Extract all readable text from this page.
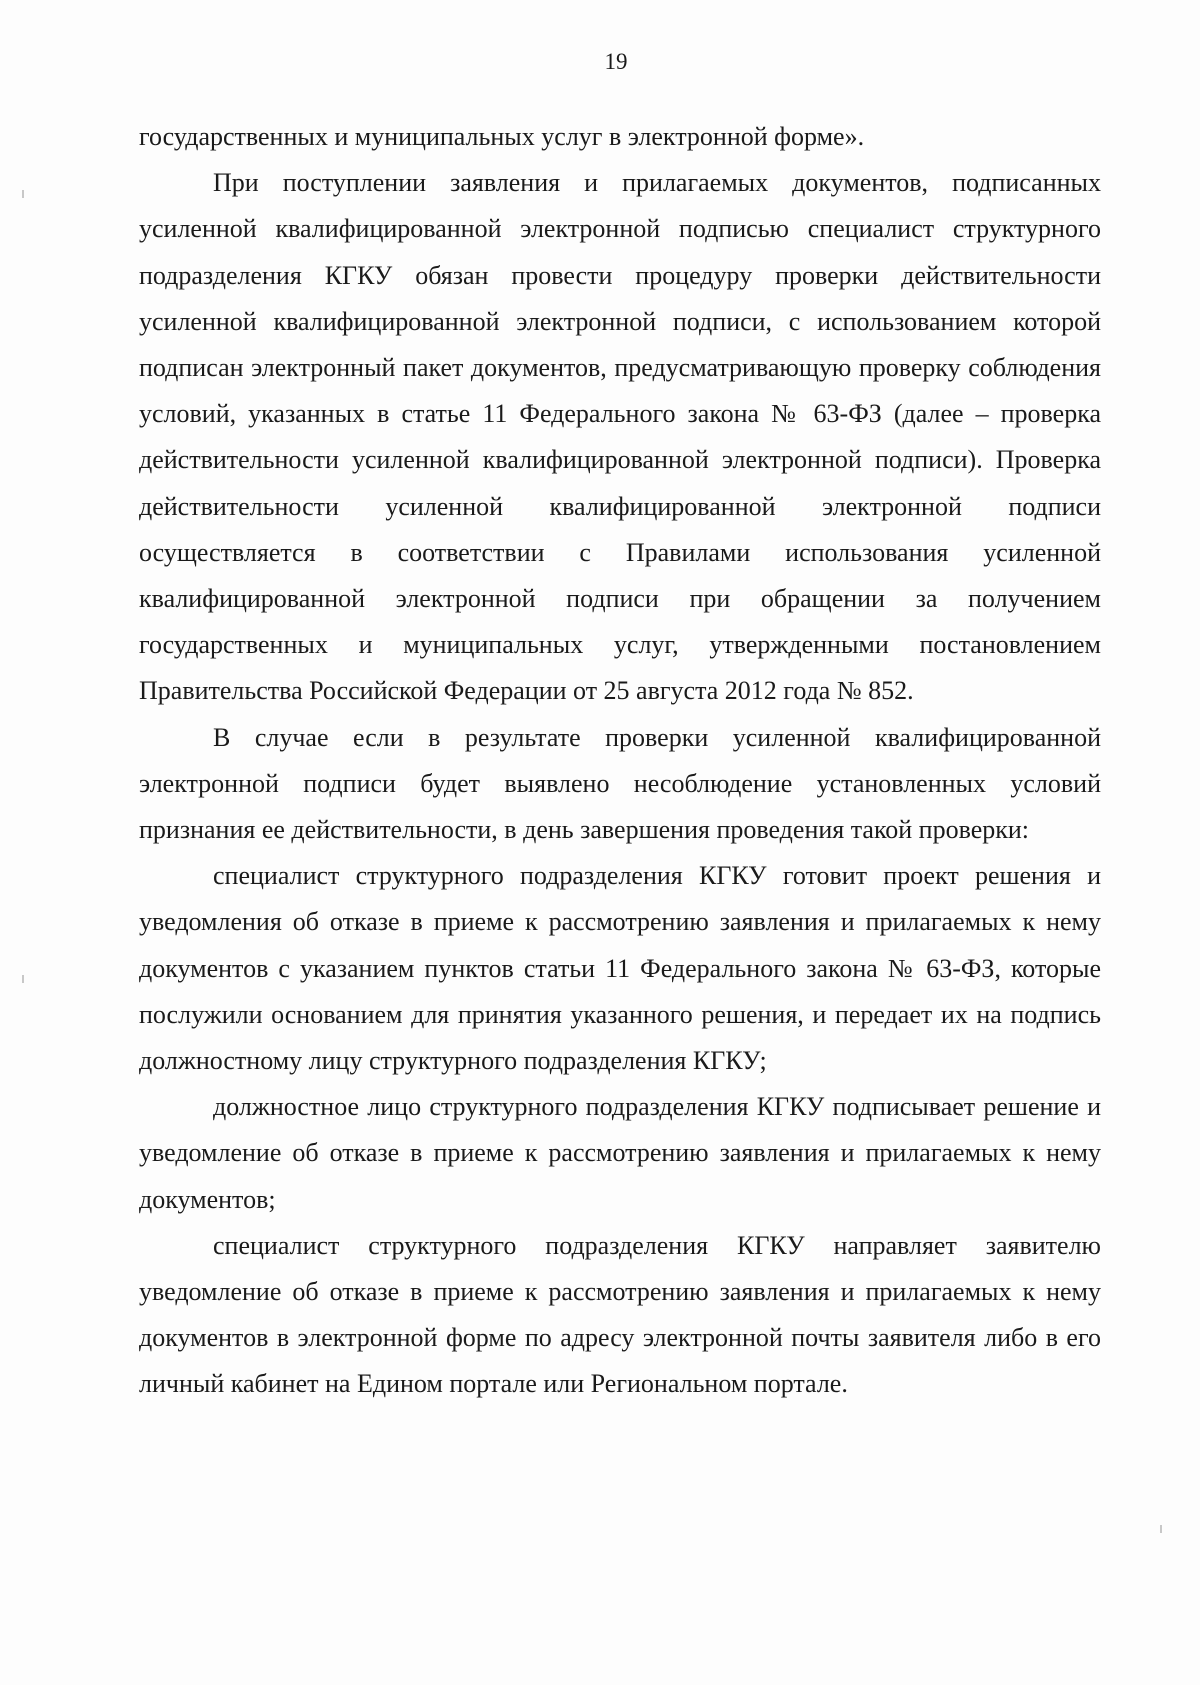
19

государственных и муниципальных услуг в электронной форме».

При поступлении заявления и прилагаемых документов, подписанных усиленной квалифицированной электронной подписью специалист структурного подразделения КГКУ обязан провести процедуру проверки действительности усиленной квалифицированной электронной подписи, с использованием которой подписан электронный пакет документов, предусматривающую проверку соблюдения условий, указанных в статье 11 Федерального закона № 63-ФЗ (далее – проверка действительности усиленной квалифицированной электронной подписи). Проверка действительности усиленной квалифицированной электронной подписи осуществляется в соответствии с Правилами использования усиленной квалифицированной электронной подписи при обращении за получением государственных и муниципальных услуг, утвержденными постановлением Правительства Российской Федерации от 25 августа 2012 года № 852.

В случае если в результате проверки усиленной квалифицированной электронной подписи будет выявлено несоблюдение установленных условий признания ее действительности, в день завершения проведения такой проверки:

специалист структурного подразделения КГКУ готовит проект решения и уведомления об отказе в приеме к рассмотрению заявления и прилагаемых к нему документов с указанием пунктов статьи 11 Федерального закона № 63-ФЗ, которые послужили основанием для принятия указанного решения, и передает их на подпись должностному лицу структурного подразделения КГКУ;

должностное лицо структурного подразделения КГКУ подписывает решение и уведомление об отказе в приеме к рассмотрению заявления и прилагаемых к нему документов;

специалист структурного подразделения КГКУ направляет заявителю уведомление об отказе в приеме к рассмотрению заявления и прилагаемых к нему документов в электронной форме по адресу электронной почты заявителя либо в его личный кабинет на Едином портале или Региональном портале.
